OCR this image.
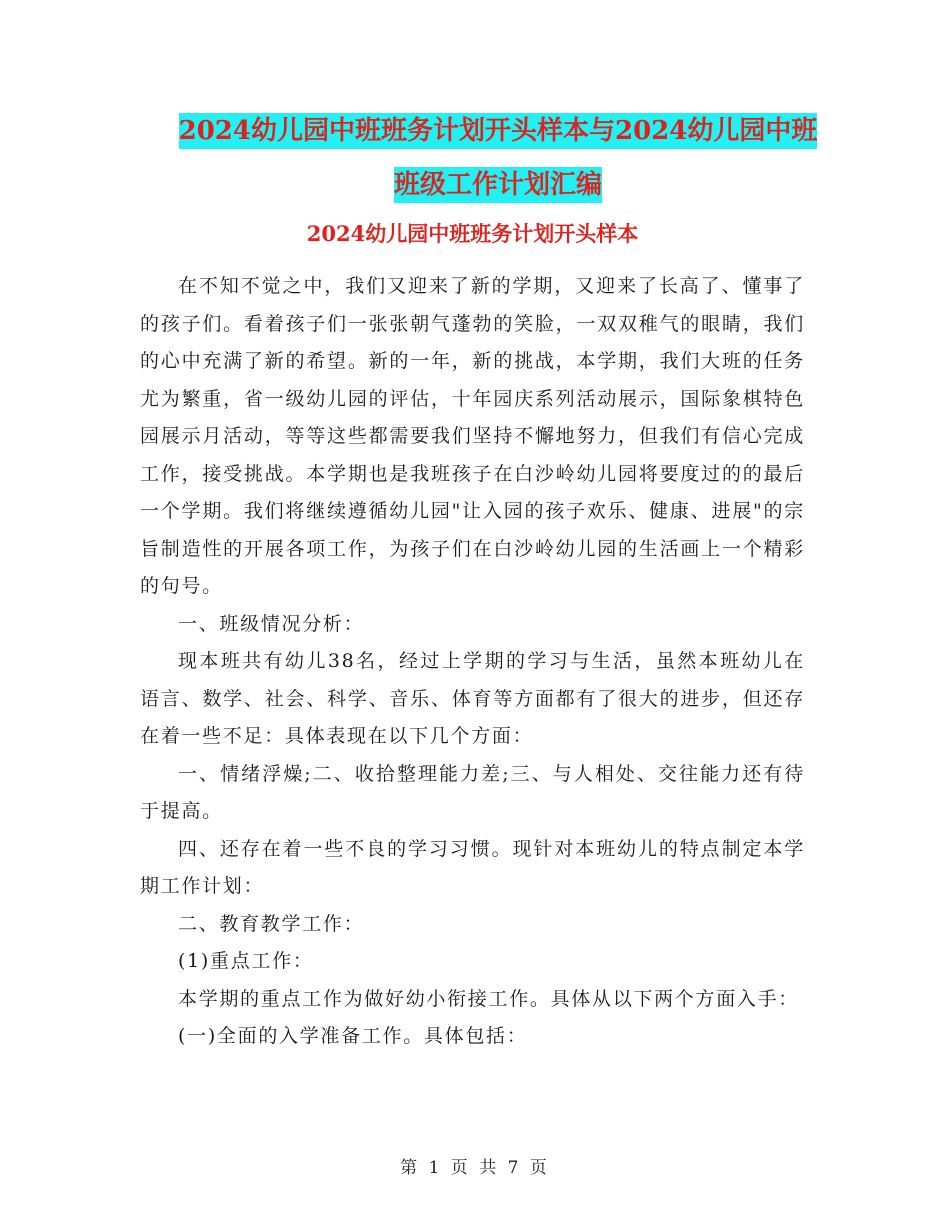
2024幼儿园中班班务计划开头样本与2024幼儿园中班
班级工作计划汇编
2024幼儿园中班班务计划开头样本

在不知不觉之中，我们又迎来了新的学期，又迎来了长高了、懂事了的孩子们。看着孩子们一张张朝气蓬勃的笑脸，一双双稚气的眼睛，我们的心中充满了新的希望。新的一年，新的挑战，本学期，我们大班的任务尤为繁重，省一级幼儿园的评估，十年园庆系列活动展示，国际象棋特色园展示月活动，等等这些都需要我们坚持不懈地努力，但我们有信心完成工作，接受挑战。本学期也是我班孩子在白沙岭幼儿园将要度过的的最后一个学期。我们将继续遵循幼儿园"让入园的孩子欢乐、健康、进展"的宗旨制造性的开展各项工作，为孩子们在白沙岭幼儿园的生活画上一个精彩的句号。

一、班级情况分析：

现本班共有幼儿38名，经过上学期的学习与生活，虽然本班幼儿在语言、数学、社会、科学、音乐、体育等方面都有了很大的进步，但还存在着一些不足：具体表现在以下几个方面：

一、情绪浮燥;二、收拾整理能力差;三、与人相处、交往能力还有待于提高。

四、还存在着一些不良的学习习惯。现针对本班幼儿的特点制定本学期工作计划：

二、教育教学工作：

(1)重点工作：

本学期的重点工作为做好幼小衔接工作。具体从以下两个方面入手：

(一)全面的入学准备工作。具体包括：

第 1 页 共 7 页
